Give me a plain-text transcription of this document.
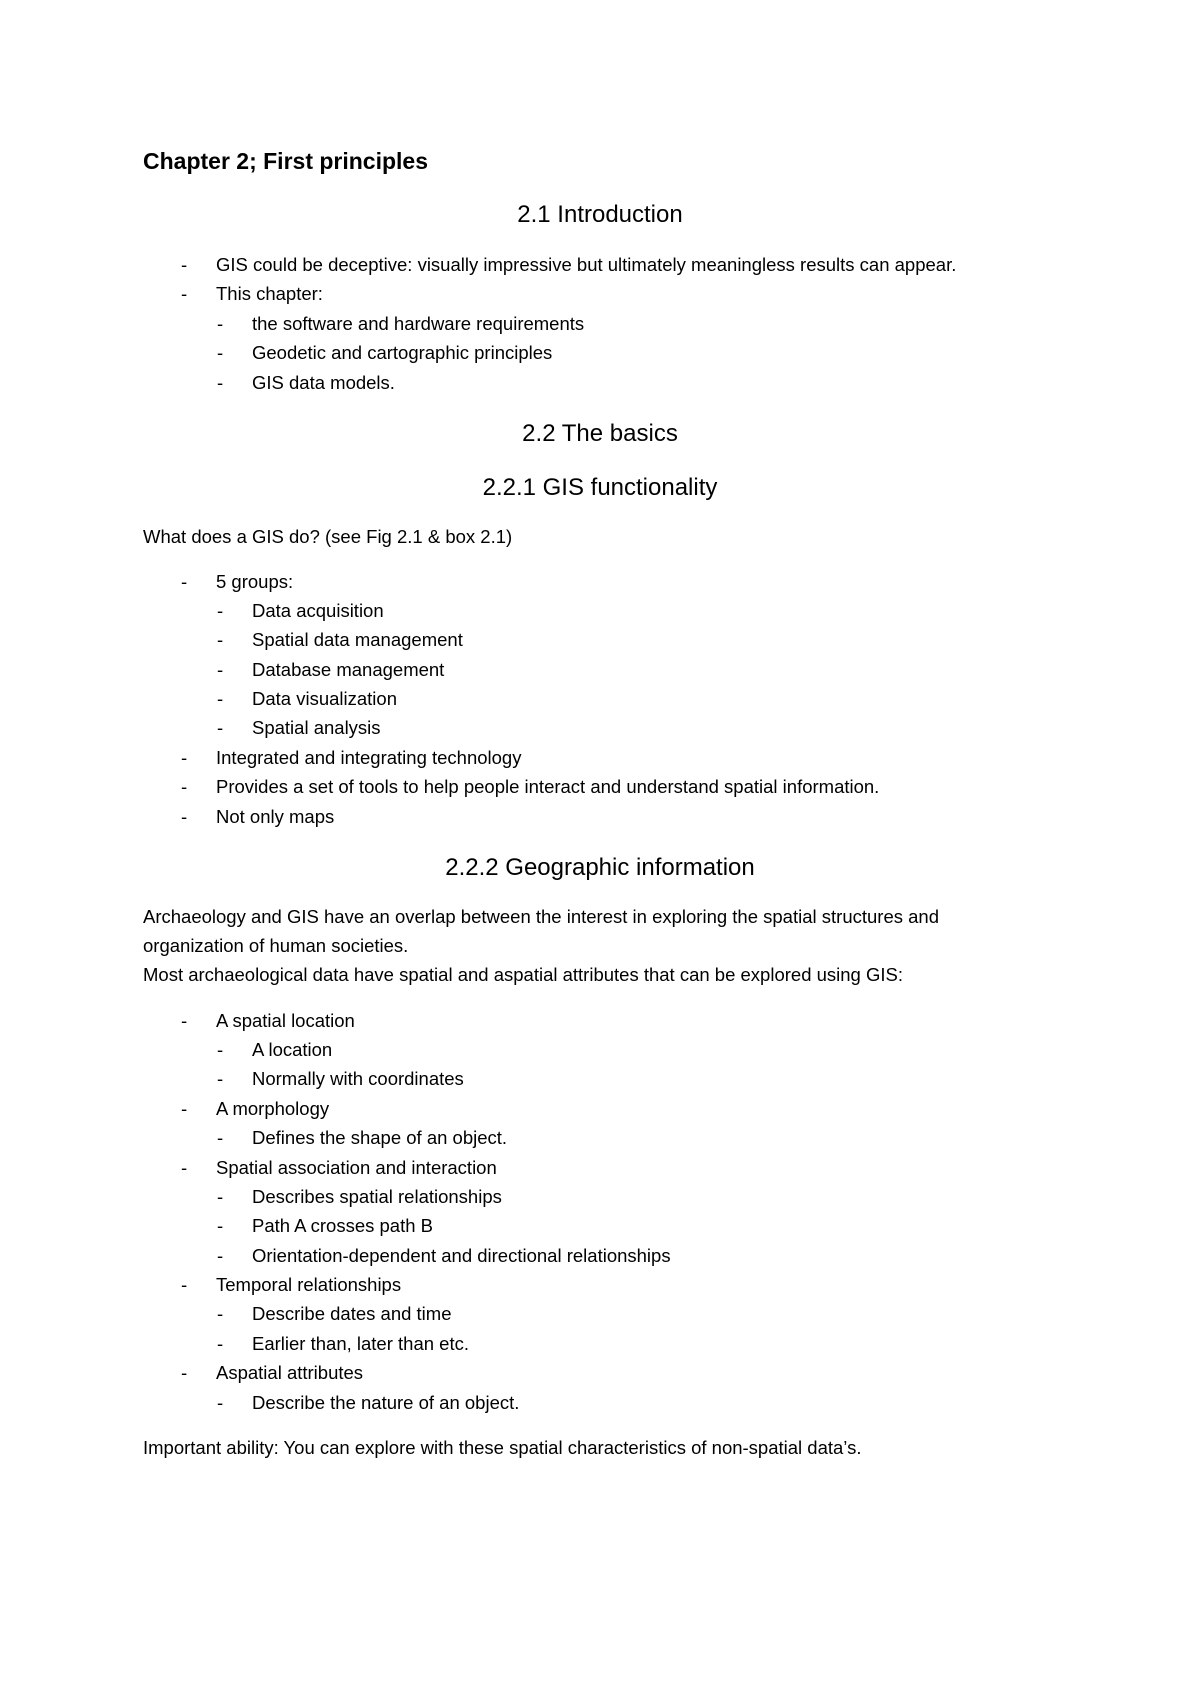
Chapter 2; First principles
2.1 Introduction
- GIS could be deceptive: visually impressive but ultimately meaningless results can appear.
- This chapter:
- the software and hardware requirements
- Geodetic and cartographic principles
- GIS data models.
2.2 The basics
2.2.1 GIS functionality
What does a GIS do? (see Fig 2.1 & box 2.1)
- 5 groups:
- Data acquisition
- Spatial data management
- Database management
- Data visualization
- Spatial analysis
- Integrated and integrating technology
- Provides a set of tools to help people interact and understand spatial information.
- Not only maps
2.2.2 Geographic information
Archaeology and GIS have an overlap between the interest in exploring the spatial structures and
organization of human societies.
Most archaeological data have spatial and aspatial attributes that can be explored using GIS:
- A spatial location
- A location
- Normally with coordinates
- A morphology
- Defines the shape of an object.
- Spatial association and interaction
- Describes spatial relationships
- Path A crosses path B
- Orientation-dependent and directional relationships
- Temporal relationships
- Describe dates and time
- Earlier than, later than etc.
- Aspatial attributes
- Describe the nature of an object.
Important ability: You can explore with these spatial characteristics of non-spatial data’s.
